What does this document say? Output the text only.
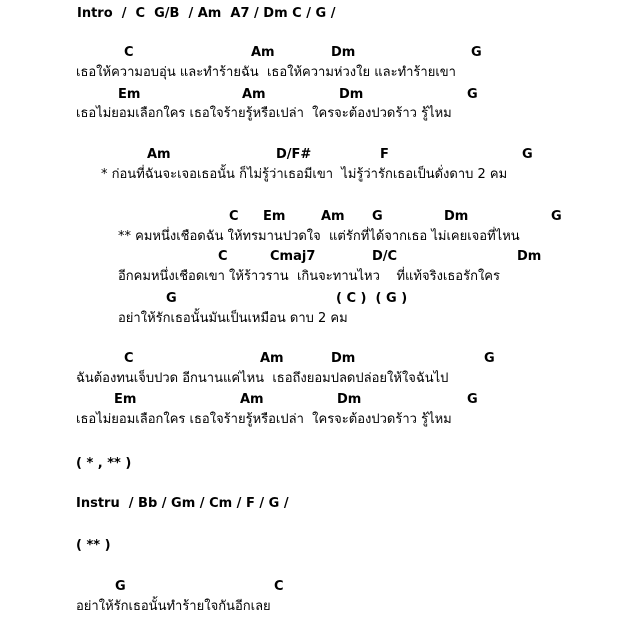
Intro  /  C  G/B  / Am  A7 / Dm C / G /
C	Am	Dm	G
เธอให้ความอบอุ่น และทำร้ายฉัน  เธอให้ความห่วงใย และทำร้ายเขา
Em	Am	Dm	G
เธอไม่ยอมเลือกใคร เธอใจร้ายรู้หรือเปล่า  ใครจะต้องปวดร้าว รู้ไหม
Am	D/F#	F	G
* ก่อนที่ฉันจะเจอเธอนั้น ก็ไม่รู้ว่าเธอมีเขา  ไม่รู้ว่ารักเธอเป็นดั่งดาบ 2 คม
C Em	Am G	Dm	G
** คมหนึ่งเชือดฉัน ให้ทรมานปวดใจ  แต่รักที่ได้จากเธอ ไม่เคยเจอที่ไหน
C	Cmaj7	D/C	Dm
อีกคมหนึ่งเชือดเขา ให้ร้าวราน  เกินจะทานไหว    ที่แท้จริงเธอรักใคร
G	( C )  ( G )
อย่าให้รักเธอนั้นมันเป็นเหมือน ดาบ 2 คม
C	Am	Dm	G
ฉันต้องทนเจ็บปวด อีกนานแค่ไหน  เธอถึงยอมปลดปล่อยให้ใจฉันไป
Em	Am	Dm	G
เธอไม่ยอมเลือกใคร เธอใจร้ายรู้หรือเปล่า  ใครจะต้องปวดร้าว รู้ไหม
( * , ** )
Instru  / Bb / Gm / Cm / F / G /
( ** )
G	C
อย่าให้รักเธอนั้นทำร้ายใจกันอีกเลย
